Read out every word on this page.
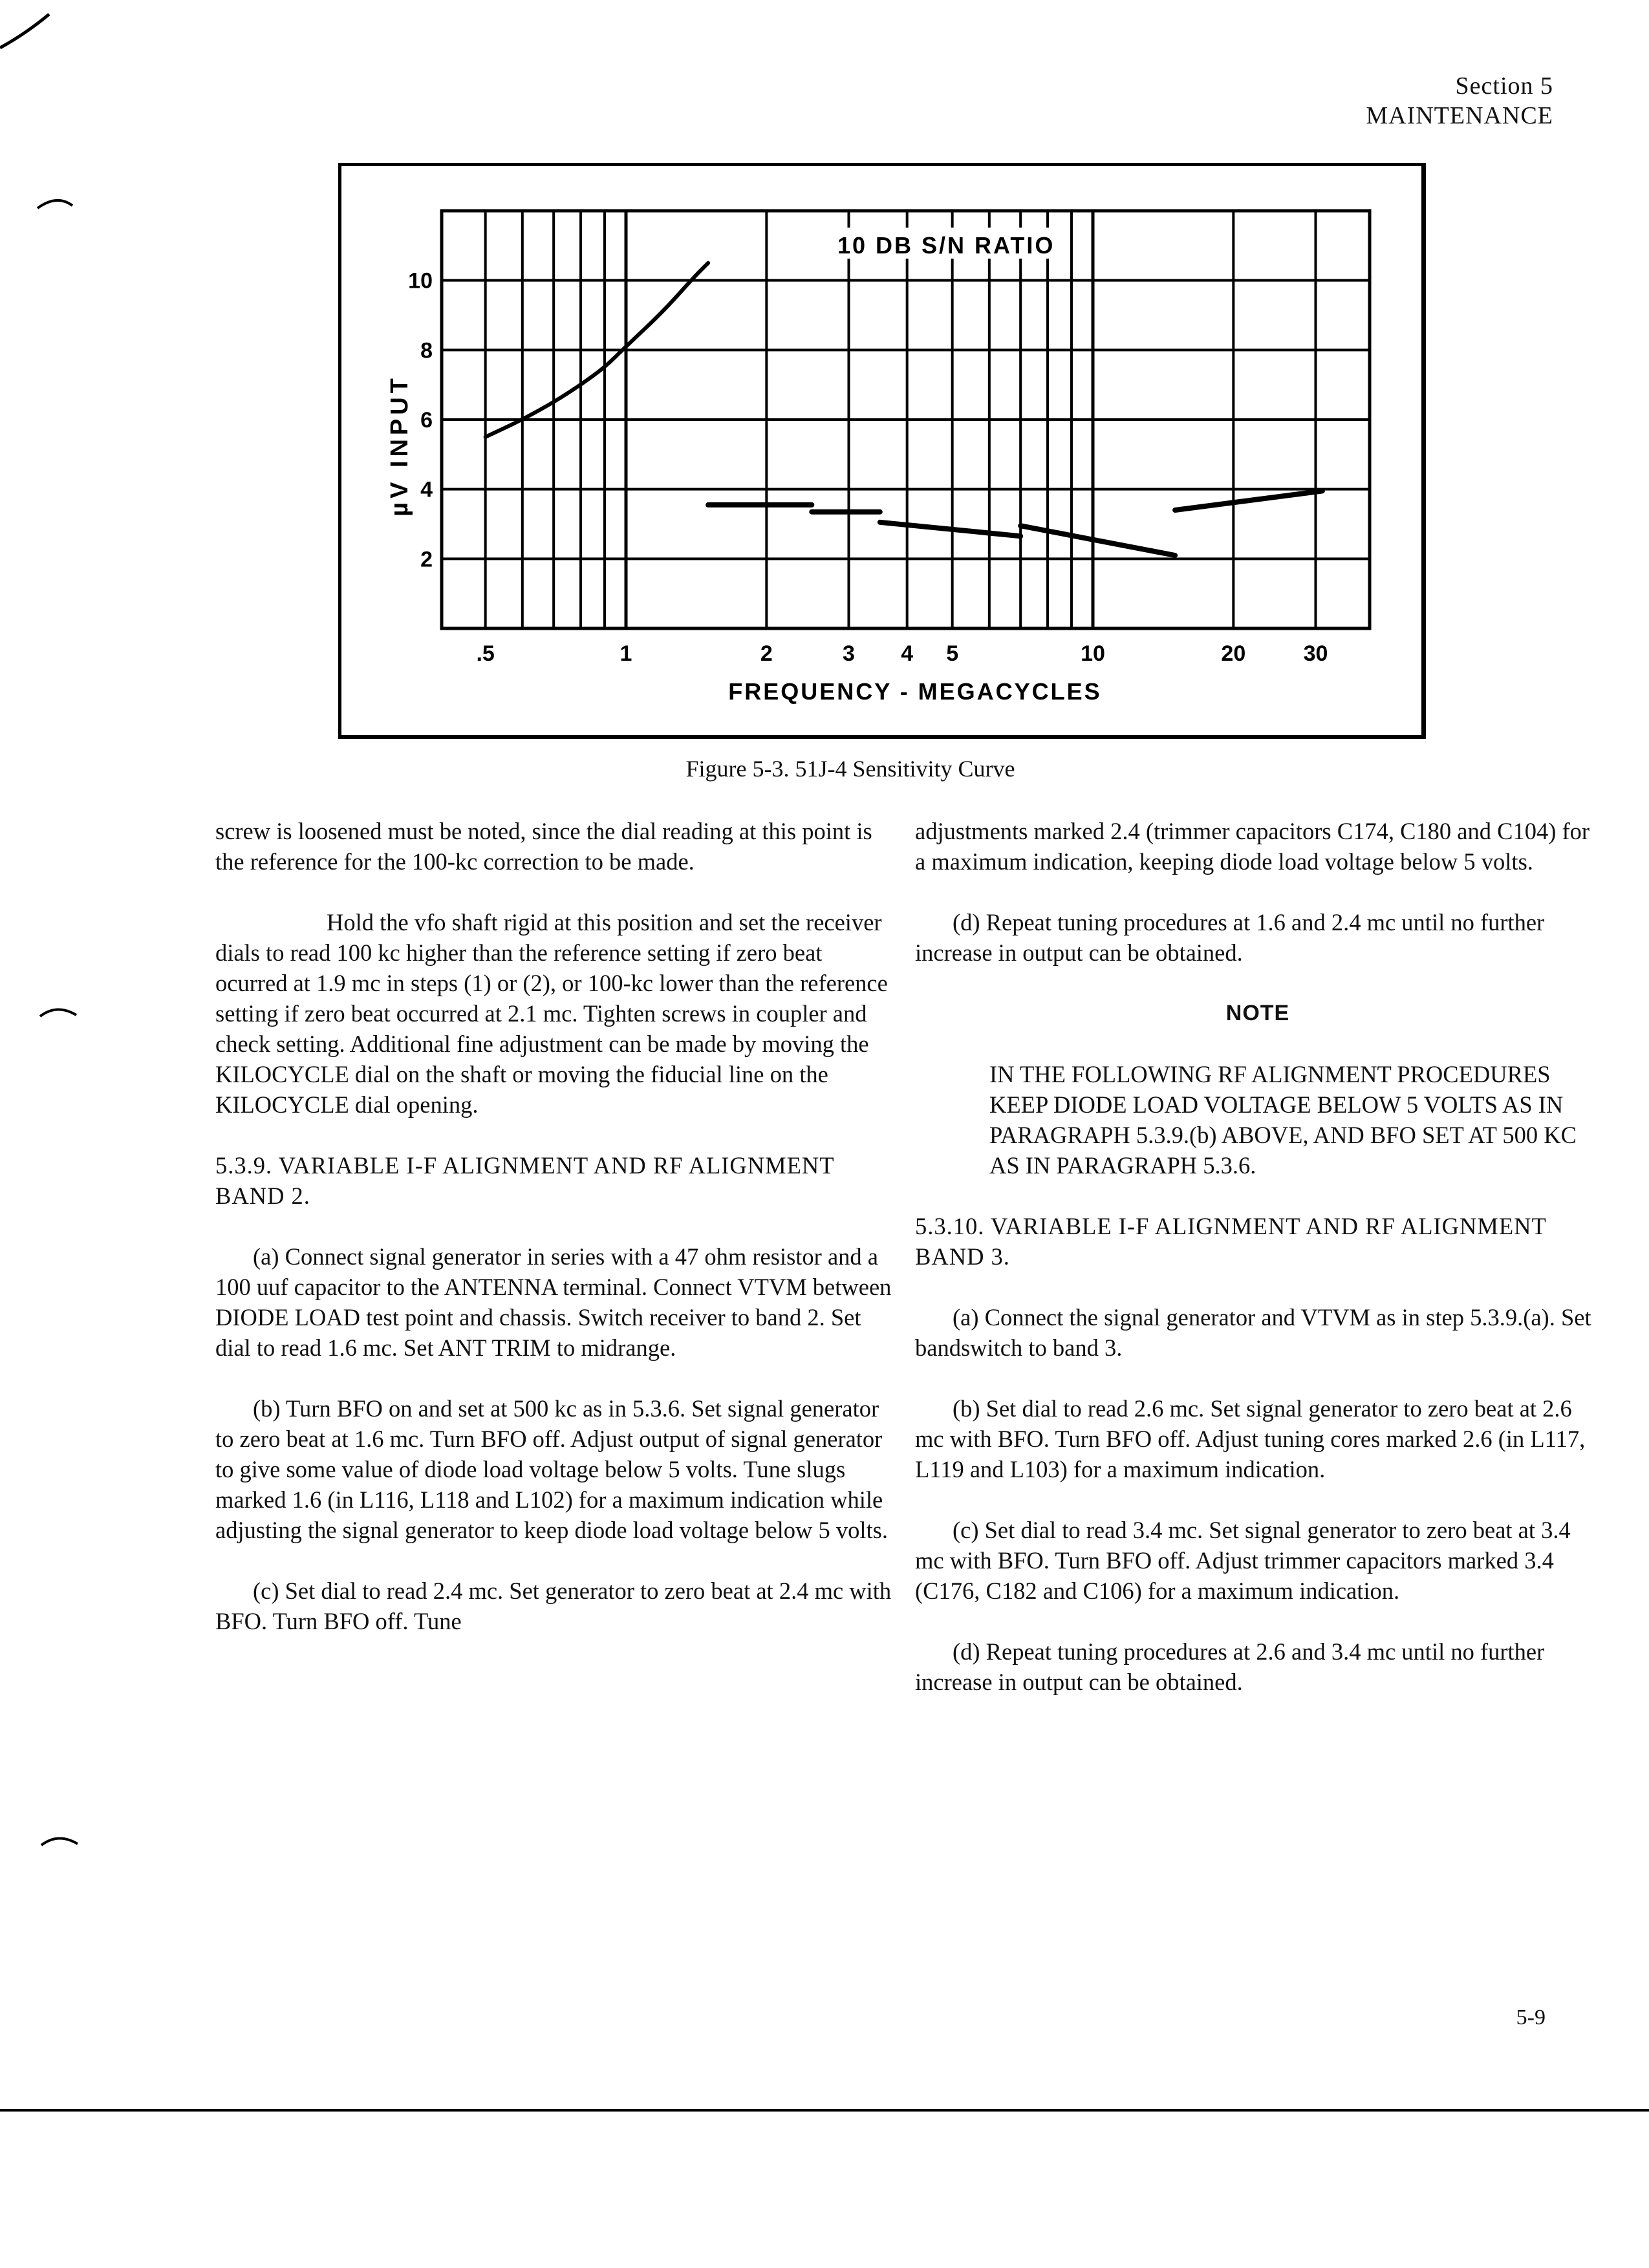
Section 5
MAINTENANCE
10 DB S/N RATIO
2
4
6
8
10
µV INPUT
.5	1	2	3 4 5	10	20	30
FREQUENCY - MEGACYCLES
Figure 5-3. 51J-4 Sensitivity Curve

screw is loosened must be noted, since the dial reading at this point is the reference for the 100-kc correction to be made.

Hold the vfo shaft rigid at this position and set the receiver dials to read 100 kc higher than the reference setting if zero beat ocurred at 1.9 mc in steps (1) or (2), or 100-kc lower than the reference setting if zero beat occurred at 2.1 mc. Tighten screws in coupler and check setting. Additional fine adjustment can be made by moving the KILOCYCLE dial on the shaft or moving the fiducial line on the KILOCYCLE dial opening.

5.3.9. VARIABLE I-F ALIGNMENT AND RF ALIGNMENT BAND 2.

(a) Connect signal generator in series with a 47 ohm resistor and a 100 uuf capacitor to the ANTENNA terminal. Connect VTVM between DIODE LOAD test point and chassis. Switch receiver to band 2. Set dial to read 1.6 mc. Set ANT TRIM to midrange.

(b) Turn BFO on and set at 500 kc as in 5.3.6. Set signal generator to zero beat at 1.6 mc. Turn BFO off. Adjust output of signal generator to give some value of diode load voltage below 5 volts. Tune slugs marked 1.6 (in L116, L118 and L102) for a maximum indication while adjusting the signal generator to keep diode load voltage below 5 volts.

(c) Set dial to read 2.4 mc. Set generator to zero beat at 2.4 mc with BFO. Turn BFO off. Tune

adjustments marked 2.4 (trimmer capacitors C174, C180 and C104) for a maximum indication, keeping diode load voltage below 5 volts.

(d) Repeat tuning procedures at 1.6 and 2.4 mc until no further increase in output can be obtained.

NOTE
IN THE FOLLOWING RF ALIGNMENT PROCEDURES KEEP DIODE LOAD VOLTAGE BELOW 5 VOLTS AS IN PARAGRAPH 5.3.9.(b) ABOVE, AND BFO SET AT 500 KC AS IN PARAGRAPH 5.3.6.

5.3.10. VARIABLE I-F ALIGNMENT AND RF ALIGNMENT BAND 3.

(a) Connect the signal generator and VTVM as in step 5.3.9.(a). Set bandswitch to band 3.

(b) Set dial to read 2.6 mc. Set signal generator to zero beat at 2.6 mc with BFO. Turn BFO off. Adjust tuning cores marked 2.6 (in L117, L119 and L103) for a maximum indication.

(c) Set dial to read 3.4 mc. Set signal generator to zero beat at 3.4 mc with BFO. Turn BFO off. Adjust trimmer capacitors marked 3.4 (C176, C182 and C106) for a maximum indication.

(d) Repeat tuning procedures at 2.6 and 3.4 mc until no further increase in output can be obtained.

5-9
